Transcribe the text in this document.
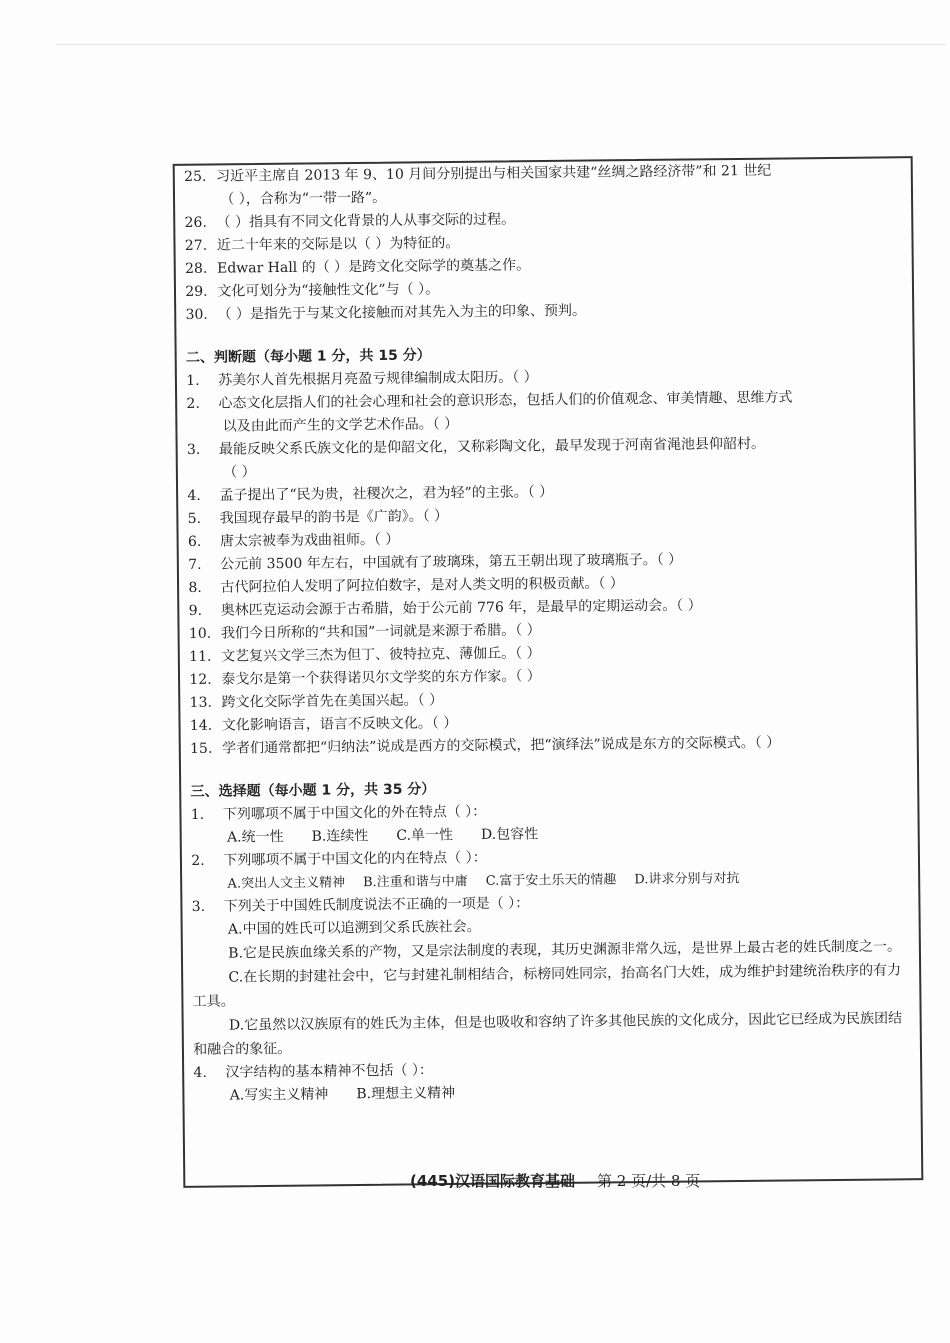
25. 习近平主席自 2013 年 9、10 月间分别提出与相关国家共建“丝绸之路经济带”和 21 世纪
（ ），合称为“一带一路”。
26. （ ）指具有不同文化背景的人从事交际的过程。
27. 近二十年来的交际是以（ ）为特征的。
28. Edwar Hall 的（ ）是跨文化交际学的奠基之作。
29. 文化可划分为“接触性文化”与（ ）。
30. （ ）是指先于与某文化接触而对其先入为主的印象、预判。
二、判断题（每小题 1 分，共 15 分）
1. 苏美尔人首先根据月亮盈亏规律编制成太阳历。（ ）
2. 心态文化层指人们的社会心理和社会的意识形态，包括人们的价值观念、审美情趣、思维方式
以及由此而产生的文学艺术作品。（ ）
3. 最能反映父系氏族文化的是仰韶文化，又称彩陶文化，最早发现于河南省渑池县仰韶村。
（ ）
4. 孟子提出了“民为贵，社稷次之，君为轻”的主张。（ ）
5. 我国现存最早的韵书是《广韵》。（ ）
6. 唐太宗被奉为戏曲祖师。（ ）
7. 公元前 3500 年左右，中国就有了玻璃珠，第五王朝出现了玻璃瓶子。（ ）
8. 古代阿拉伯人发明了阿拉伯数字，是对人类文明的积极贡献。（ ）
9. 奥林匹克运动会源于古希腊，始于公元前 776 年，是最早的定期运动会。（ ）
10. 我们今日所称的“共和国”一词就是来源于希腊。（ ）
11. 文艺复兴文学三杰为但丁、彼特拉克、薄伽丘。（ ）
12. 泰戈尔是第一个获得诺贝尔文学奖的东方作家。（ ）
13. 跨文化交际学首先在美国兴起。（ ）
14. 文化影响语言，语言不反映文化。（ ）
15. 学者们通常都把“归纳法”说成是西方的交际模式，把“演绎法”说成是东方的交际模式。（ ）
三、选择题（每小题 1 分，共 35 分）
1. 下列哪项不属于中国文化的外在特点（ ）：
A.统一性 B.连续性 C.单一性 D.包容性
2. 下列哪项不属于中国文化的内在特点（ ）：
A.突出人文主义精神 B.注重和谐与中庸 C.富于安土乐天的情趣 D.讲求分别与对抗
3. 下列关于中国姓氏制度说法不正确的一项是（ ）：
A.中国的姓氏可以追溯到父系氏族社会。
B.它是民族血缘关系的产物，又是宗法制度的表现，其历史渊源非常久远，是世界上最古老的姓氏制度之一。
C.在长期的封建社会中，它与封建礼制相结合，标榜同姓同宗，抬高名门大姓，成为维护封建统治秩序的有力工具。
D.它虽然以汉族原有的姓氏为主体，但是也吸收和容纳了许多其他民族的文化成分，因此它已经成为民族团结和融合的象征。
4. 汉字结构的基本精神不包括（ ）：
A.写实主义精神 B.理想主义精神
(445)汉语国际教育基础 第 2 页/共 8 页
